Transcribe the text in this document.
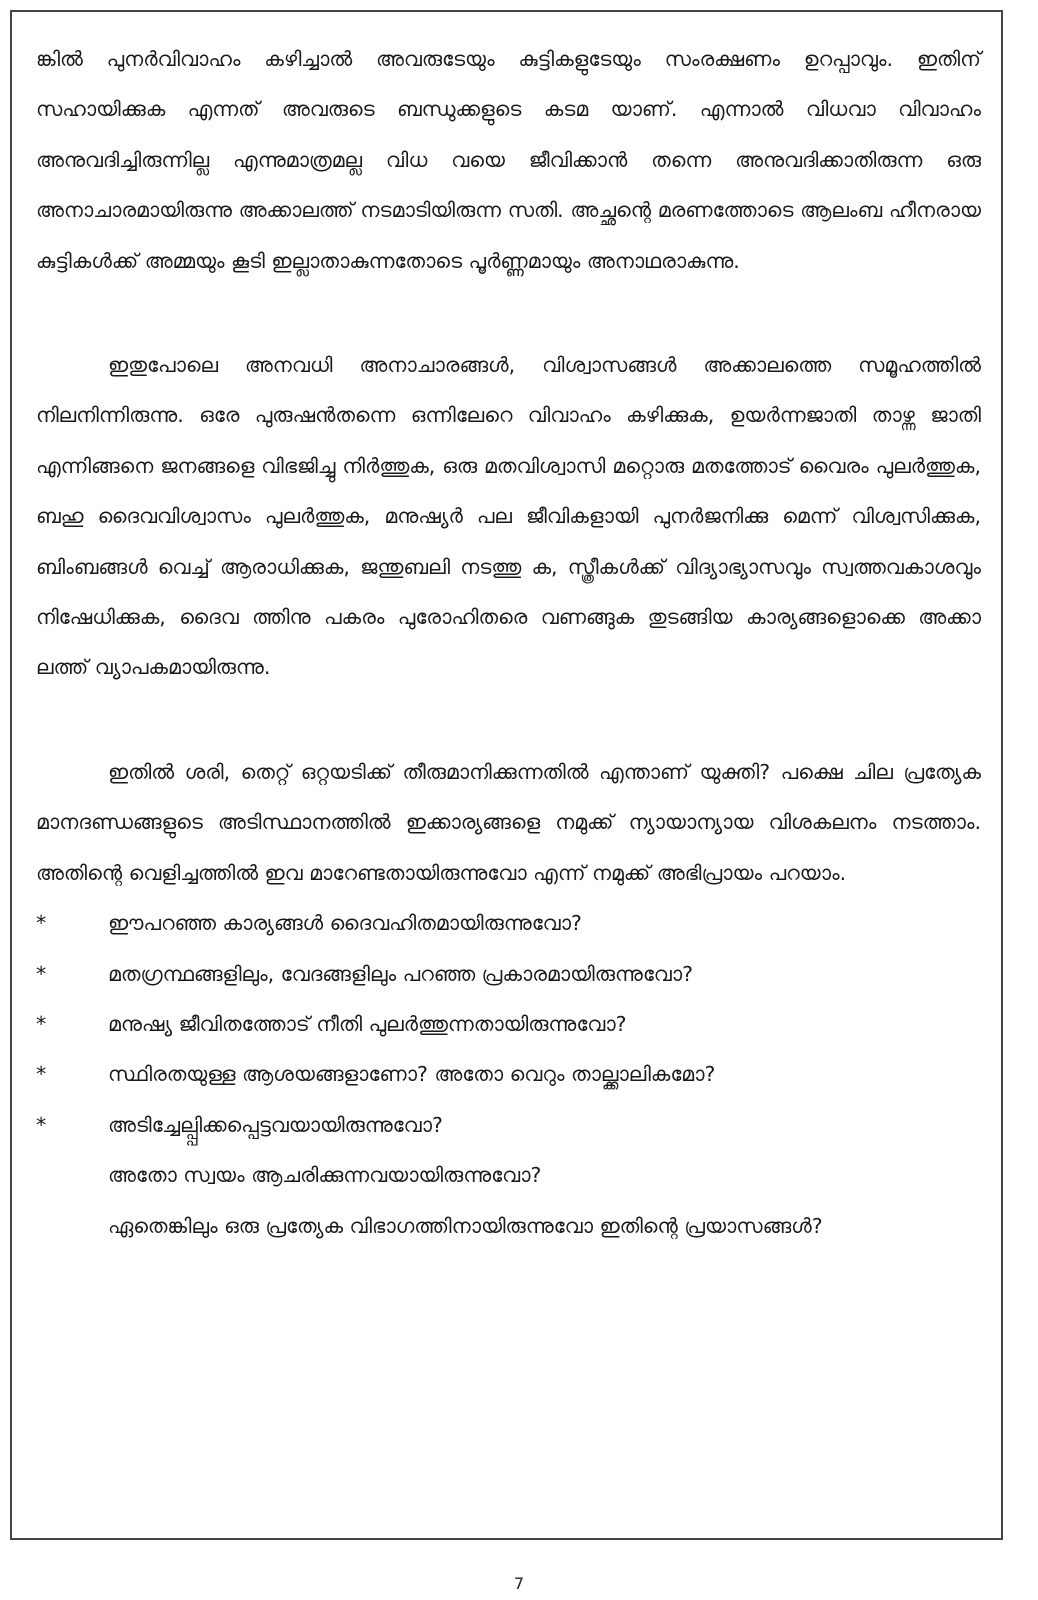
ങ്കിൽ പുനർവിവാഹം കഴിച്ചാൽ അവരുടേയും കുട്ടികളുടേയും സംരക്ഷണം ഉറപ്പാവും. ഇതിന് സഹായിക്കുക എന്നത് അവരുടെ ബന്ധുക്കളുടെ കടമ യാണ്. എന്നാൽ വിധവാ വിവാഹം അനുവദിച്ചിരുന്നില്ല എന്നുമാത്രമല്ല വിധ വയെ ജീവിക്കാൻ തന്നെ അനുവദിക്കാതിരുന്ന ഒരു അനാചാരമായിരുന്നു അക്കാലത്ത് നടമാടിയിരുന്ന സതി. അച്ഛന്റെ മരണത്തോടെ ആലംബ ഹീനരായ കുട്ടികൾക്ക് അമ്മയും കൂടി ഇല്ലാതാകുന്നതോടെ പൂർണ്ണമായും അനാഥരാകുന്നു.

ഇതുപോലെ അനവധി അനാചാരങ്ങൾ, വിശ്വാസങ്ങൾ അക്കാലത്തെ സമൂഹത്തിൽ നിലനിന്നിരുന്നു. ഒരേ പുരുഷൻതന്നെ ഒന്നിലേറെ വിവാഹം കഴിക്കുക, ഉയർന്നജാതി താഴ്ന്ന ജാതി എന്നിങ്ങനെ ജനങ്ങളെ വിഭജിച്ചു നിർത്തുക, ഒരു മതവിശ്വാസി മറ്റൊരു മതത്തോട് വൈരം പുലർത്തുക, ബഹു ദൈവവിശ്വാസം പുലർത്തുക, മനുഷ്യർ പല ജീവികളായി പുനർജനിക്കു മെന്ന് വിശ്വസിക്കുക, ബിംബങ്ങൾ വെച്ച് ആരാധിക്കുക, ജന്തുബലി നടത്തു ക, സ്ത്രീകൾക്ക് വിദ്യാഭ്യാസവും സ്വത്തവകാശവും നിഷേധിക്കുക, ദൈവ ത്തിനു പകരം പുരോഹിതരെ വണങ്ങുക തുടങ്ങിയ കാര്യങ്ങളൊക്കെ അക്കാ ലത്ത് വ്യാപകമായിരുന്നു.

ഇതിൽ ശരി, തെറ്റ് ഒറ്റയടിക്ക് തീരുമാനിക്കുന്നതിൽ എന്താണ് യുക്തി? പക്ഷെ ചില പ്രത്യേക മാനദണ്ഡങ്ങളുടെ അടിസ്ഥാനത്തിൽ ഇക്കാര്യങ്ങളെ നമുക്ക് ന്യായാന്യായ വിശകലനം നടത്താം. അതിന്റെ വെളിച്ചത്തിൽ ഇവ മാറേണ്ടതായിരുന്നുവോ എന്ന് നമുക്ക് അഭിപ്രായം പറയാം.

*	ഈപറഞ്ഞ കാര്യങ്ങൾ ദൈവഹിതമായിരുന്നുവോ?
*	മതഗ്രന്ഥങ്ങളിലും, വേദങ്ങളിലും പറഞ്ഞ പ്രകാരമായിരുന്നുവോ?
*	മനുഷ്യ ജീവിതത്തോട് നീതി പുലർത്തുന്നതായിരുന്നുവോ?
*	സ്ഥിരതയുള്ള ആശയങ്ങളാണോ? അതോ വെറും താല്ക്കാലികമോ?
*	അടിച്ചേല്പ്പിക്കപ്പെട്ടവയായിരുന്നുവോ?
അതോ സ്വയം ആചരിക്കുന്നവയായിരുന്നുവോ?
ഏതെങ്കിലും ഒരു പ്രത്യേക വിഭാഗത്തിനായിരുന്നുവോ ഇതിന്റെ പ്രയാസങ്ങൾ?
7
